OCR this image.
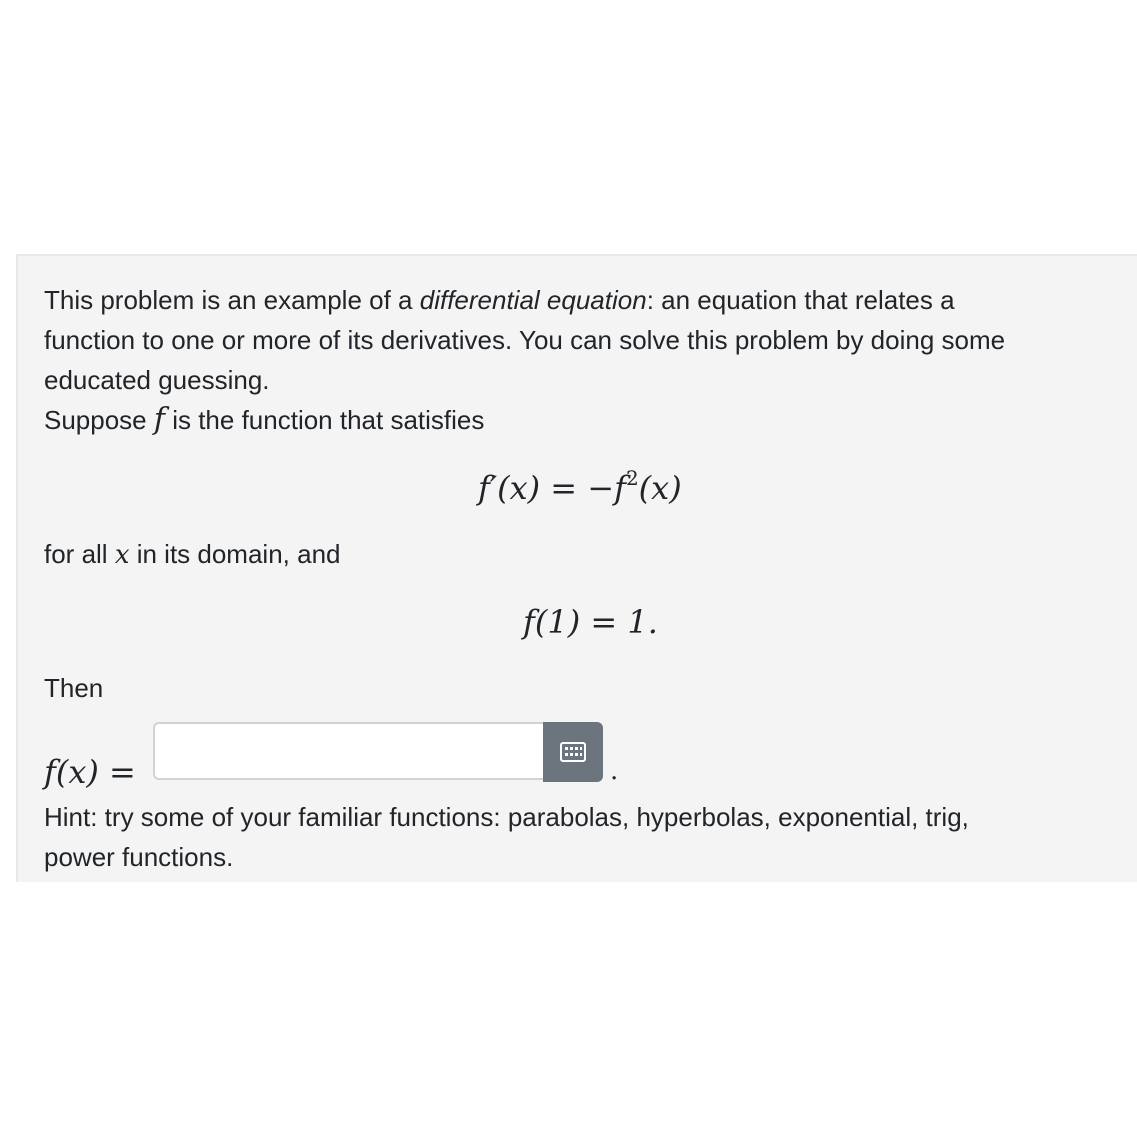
This problem is an example of a differential equation: an equation that relates a
function to one or more of its derivatives. You can solve this problem by doing some
educated guessing.
Suppose f is the function that satisfies
$f'(x) = -f^2(x)$
for all x in its domain, and
f(1) = 1.
Then
f(x) =	.
Hint: try some of your familiar functions: parabolas, hyperbolas, exponential, trig,
power functions.
